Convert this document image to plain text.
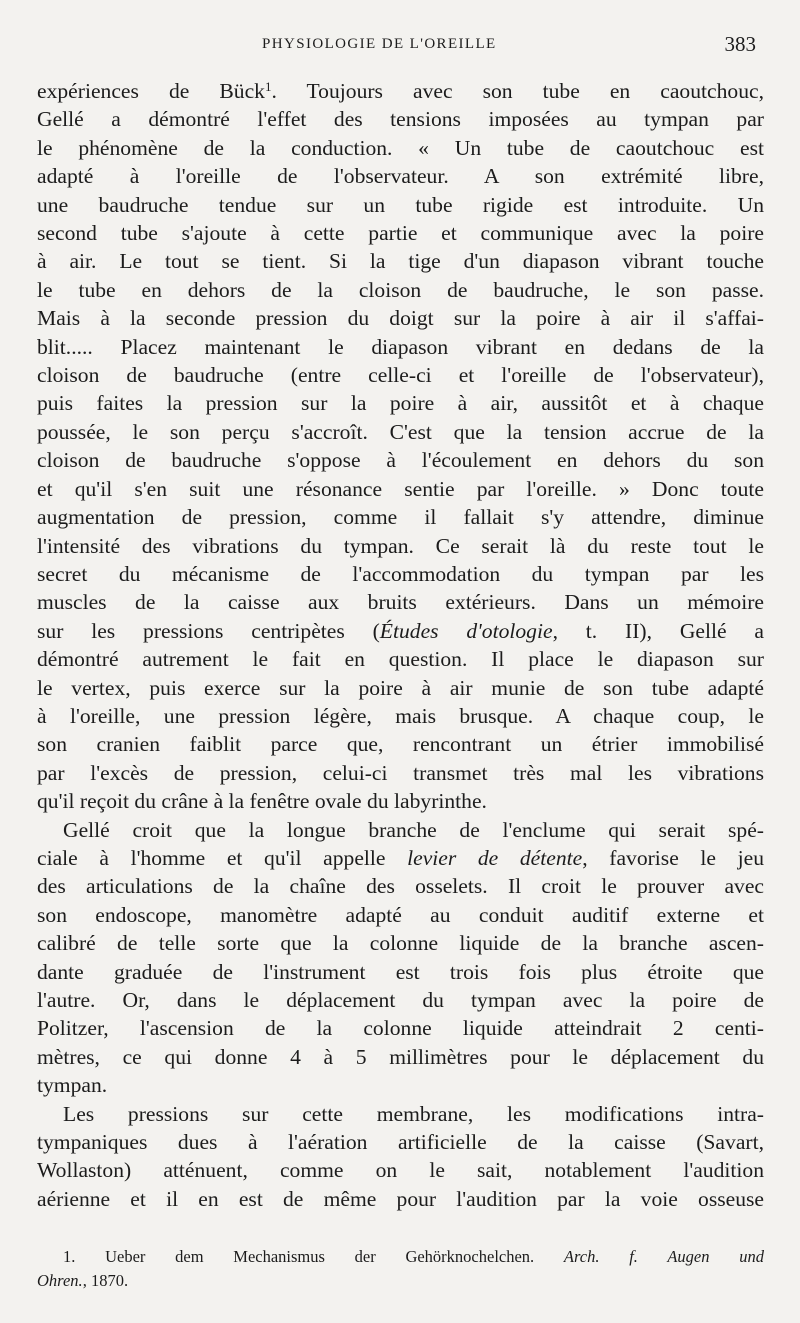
PHYSIOLOGIE DE L'OREILLE	383
expériences de Bück$^1$. Toujours avec son tube en caoutchouc,
Gellé a démontré l'effet des tensions imposées au tympan par
le phénomène de la conduction. « Un tube de caoutchouc est
adapté à l'oreille de l'observateur. A son extrémité libre,
une baudruche tendue sur un tube rigide est introduite. Un
second tube s'ajoute à cette partie et communique avec la poire
à air. Le tout se tient. Si la tige d'un diapason vibrant touche
le tube en dehors de la cloison de baudruche, le son passe.
Mais à la seconde pression du doigt sur la poire à air il s'affai-
blit..... Placez maintenant le diapason vibrant en dedans de la
cloison de baudruche (entre celle-ci et l'oreille de l'observateur),
puis faites la pression sur la poire à air, aussitôt et à chaque
poussée, le son perçu s'accroît. C'est que la tension accrue de la
cloison de baudruche s'oppose à l'écoulement en dehors du son
et qu'il s'en suit une résonance sentie par l'oreille. » Donc toute
augmentation de pression, comme il fallait s'y attendre, diminue
l'intensité des vibrations du tympan. Ce serait là du reste tout le
secret du mécanisme de l'accommodation du tympan par les
muscles de la caisse aux bruits extérieurs. Dans un mémoire
sur les pressions centripètes (Études d'otologie, t. II), Gellé a
démontré autrement le fait en question. Il place le diapason sur
le vertex, puis exerce sur la poire à air munie de son tube adapté
à l'oreille, une pression légère, mais brusque. A chaque coup, le
son cranien faiblit parce que, rencontrant un étrier immobilisé
par l'excès de pression, celui-ci transmet très mal les vibrations
qu'il reçoit du crâne à la fenêtre ovale du labyrinthe.
Gellé croit que la longue branche de l'enclume qui serait spé-
ciale à l'homme et qu'il appelle levier de détente, favorise le jeu
des articulations de la chaîne des osselets. Il croit le prouver avec
son endoscope, manomètre adapté au conduit auditif externe et
calibré de telle sorte que la colonne liquide de la branche ascen-
dante graduée de l'instrument est trois fois plus étroite que
l'autre. Or, dans le déplacement du tympan avec la poire de
Politzer, l'ascension de la colonne liquide atteindrait 2 centi-
mètres, ce qui donne 4 à 5 millimètres pour le déplacement du
tympan.
Les pressions sur cette membrane, les modifications intra-
tympaniques dues à l'aération artificielle de la caisse (Savart,
Wollaston) atténuent, comme on le sait, notablement l'audition
aérienne et il en est de même pour l'audition par la voie osseuse
1. Ueber dem Mechanismus der Gehörknochelchen. Arch. f. Augen und
Ohren., 1870.
